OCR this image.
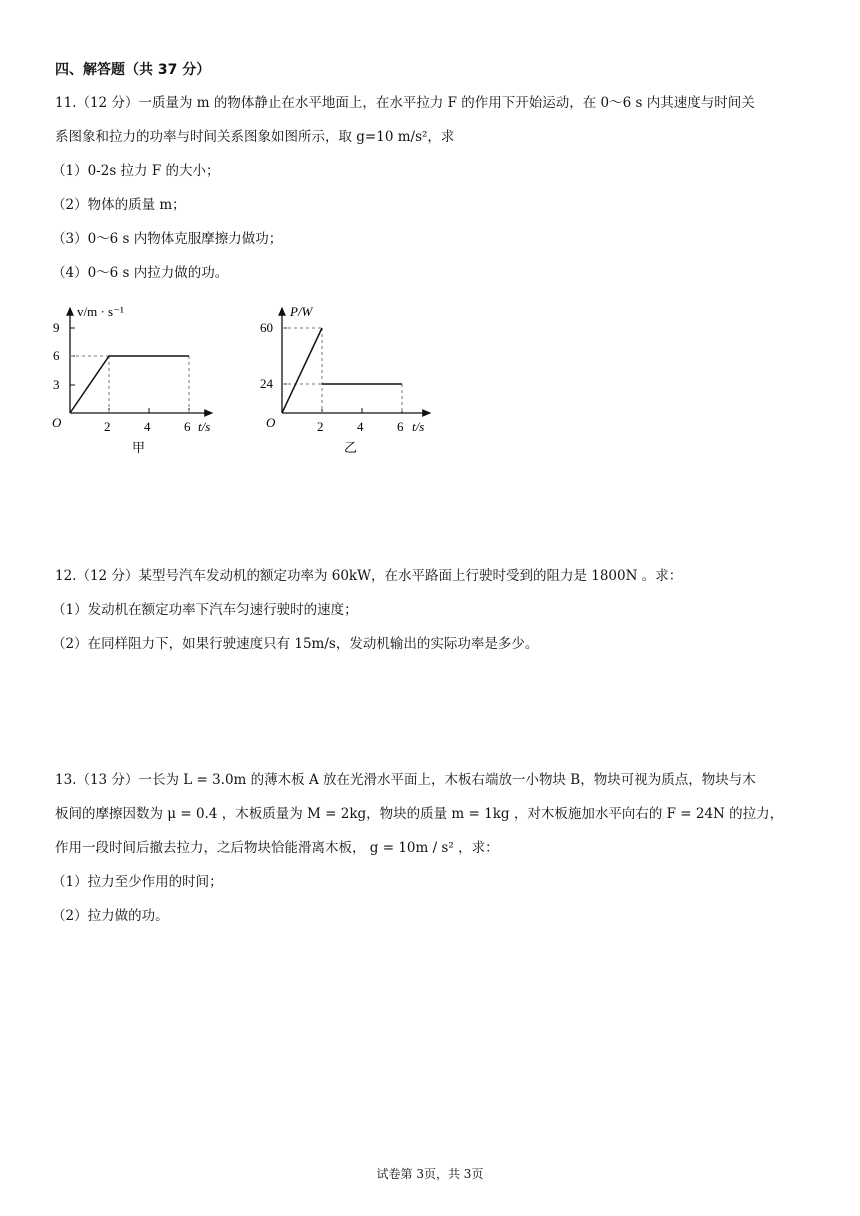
四、解答题（共 37 分）
11.（12 分）一质量为 m 的物体静止在水平地面上，在水平拉力 F 的作用下开始运动，在 0～6 s 内其速度与时间关
系图象和拉力的功率与时间关系图象如图所示，取 g=10 m/s²，求
（1）0-2s 拉力 F 的大小；
（2）物体的质量 m；
（3）0～6 s 内物体克服摩擦力做功；
（4）0～6 s 内拉力做的功。
v/m · s⁻¹
9
6
3
O	2	4	6 t/s
甲
P/W
60
24
O	2	4	6 t/s
乙
12.（12 分）某型号汽车发动机的额定功率为 60kW，在水平路面上行驶时受到的阻力是 1800N 。求：
（1）发动机在额定功率下汽车匀速行驶时的速度；
（2）在同样阻力下，如果行驶速度只有 15m/s，发动机输出的实际功率是多少。
13.（13 分）一长为 L = 3.0m 的薄木板 A 放在光滑水平面上，木板右端放一小物块 B，物块可视为质点，物块与木
板间的摩擦因数为 μ = 0.4 ，木板质量为 M = 2kg，物块的质量 m = 1kg ，对木板施加水平向右的 F = 24N 的拉力，
作用一段时间后撤去拉力，之后物块恰能滑离木板， g = 10m / s² ，求：
（1）拉力至少作用的时间；
（2）拉力做的功。
试卷第 3页，共 3页
